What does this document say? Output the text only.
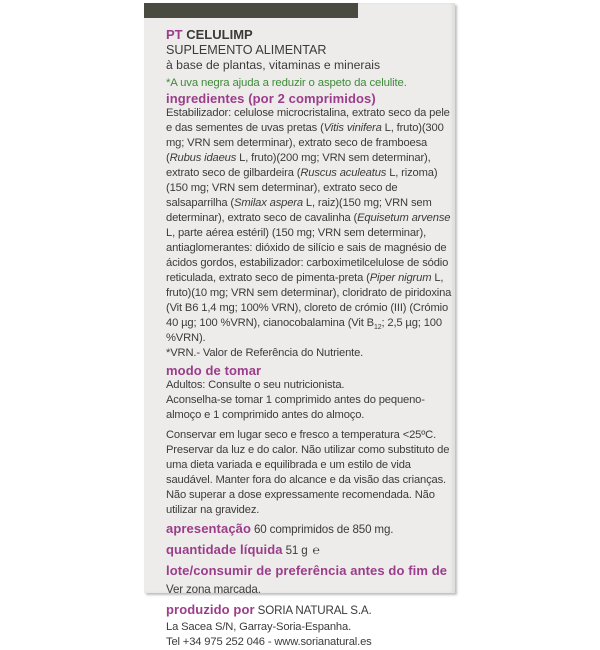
PT CELULIMP
SUPLEMENTO ALIMENTAR
à base de plantas, vitaminas e minerais
*A uva negra ajuda a reduzir o aspeto da celulite.
ingredientes (por 2 comprimidos)
Estabilizador: celulose microcristalina, extrato seco da pele e das sementes de uvas pretas (Vitis vinifera L, fruto)(300 mg; VRN sem determinar), extrato seco de framboesa (Rubus idaeus L, fruto)(200 mg; VRN sem determinar), extrato seco de gilbardeira (Ruscus aculeatus L, rizoma)(150 mg; VRN sem determinar), extrato seco de salsaparrilha (Smilax aspera L, raiz)(150 mg; VRN sem determinar), extrato seco de cavalinha (Equisetum arvense L, parte aérea estéril) (150 mg; VRN sem determinar), antiaglomerantes: dióxido de silício e sais de magnésio de ácidos gordos, estabilizador: carboximetilcelulose de sódio reticulada, extrato seco de pimenta-preta (Piper nigrum L, fruto)(10 mg; VRN sem determinar), cloridrato de piridoxina (Vit B6 1,4 mg; 100% VRN), cloreto de crómio (III) (Crómio 40 µg; 100 %VRN), cianocobalamina (Vit $B_{12}$; 2,5 µg; 100 %VRN).
*VRN.- Valor de Referência do Nutriente.
modo de tomar
Adultos: Consulte o seu nutricionista.
Aconselha-se tomar 1 comprimido antes do pequeno-almoço e 1 comprimido antes do almoço.
Conservar em lugar seco e fresco a temperatura <25ºC. Preservar da luz e do calor. Não utilizar como substituto de uma dieta variada e equilibrada e um estilo de vida saudável. Manter fora do alcance e da visão das crianças. Não superar a dose expressamente recomendada. Não utilizar na gravidez.
apresentação 60 comprimidos de 850 mg.
quantidade líquida 51 g ℮
lote/consumir de preferência antes do fim de Ver zona marcada.
produzido por SORIA NATURAL S.A.
La Sacea S/N, Garray-Soria-Espanha.
Tel +34 975 252 046 - www.sorianatural.es
